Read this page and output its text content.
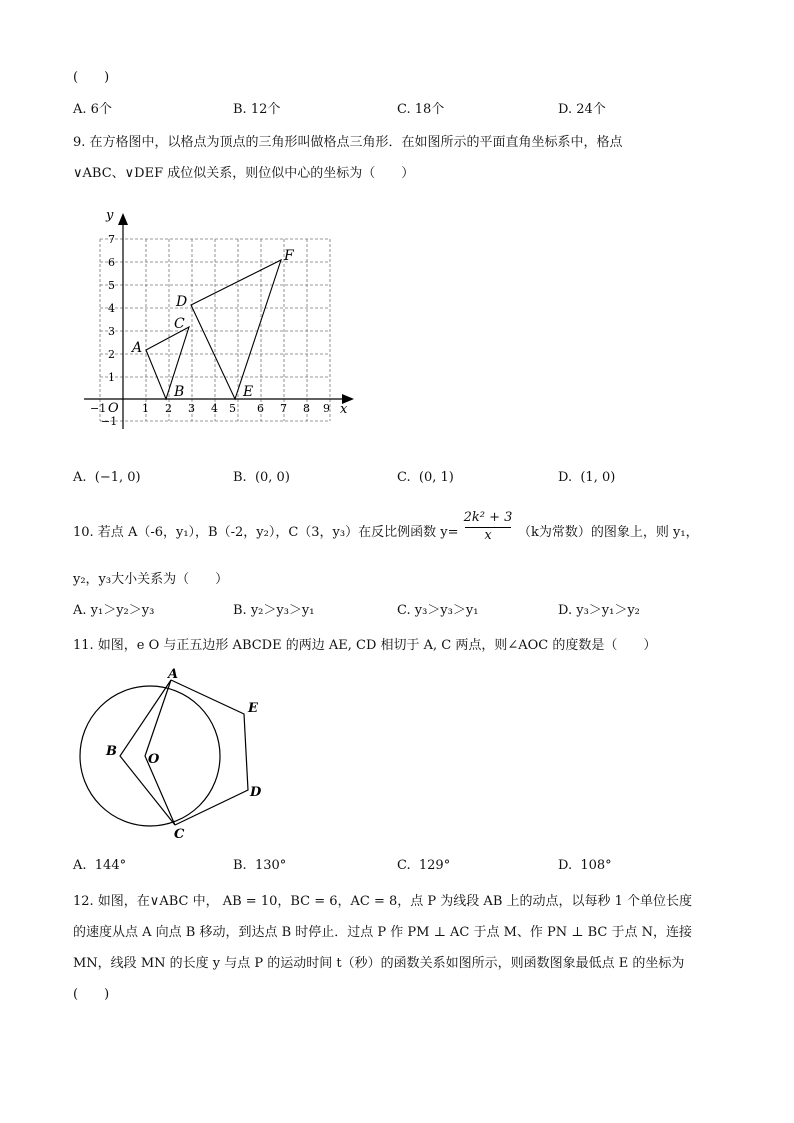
(　　)
A. 6个	B. 12个	C. 18个	D. 24个
9. 在方格图中，以格点为顶点的三角形叫做格点三角形．在如图所示的平面直角坐标系中，格点
∨ABC、∨DEF 成位似关系，则位似中心的坐标为（　　）
y
x
O
−1	1 2 3 4 5 6 7 8 9
7
6
5
4
3
2
1
−1
A
B
C
D
E
F
A.  (−1, 0)	B.  (0, 0)	C.  (0, 1)	D.  (1, 0)
10. 若点 A（-6，y₁），B（-2，y₂），C（3，y₃）在反比例函数 y=
2k² + 3
x	（k为常数）的图象上，则 y₁，
y₂，y₃大小关系为（　　）
A. y₁＞y₂＞y₃	B. y₂＞y₃＞y₁	C. y₃＞y₃＞y₁	D. y₃＞y₁＞y₂
11. 如图，e O 与正五边形 ABCDE 的两边 AE, CD 相切于 A, C 两点，则∠AOC 的度数是（　　）
A
B
O
E
D
C
A.  144°	B.  130°	C.  129°	D.  108°
12. 如图，在∨ABC 中， AB = 10，BC = 6，AC = 8，点 P 为线段 AB 上的动点，以每秒 1 个单位长度
的速度从点 A 向点 B 移动，到达点 B 时停止．过点 P 作 PM ⊥ AC 于点 M、作 PN ⊥ BC 于点 N，连接
MN，线段 MN 的长度 y 与点 P 的运动时间 t（秒）的函数关系如图所示，则函数图象最低点 E 的坐标为
(　　)
